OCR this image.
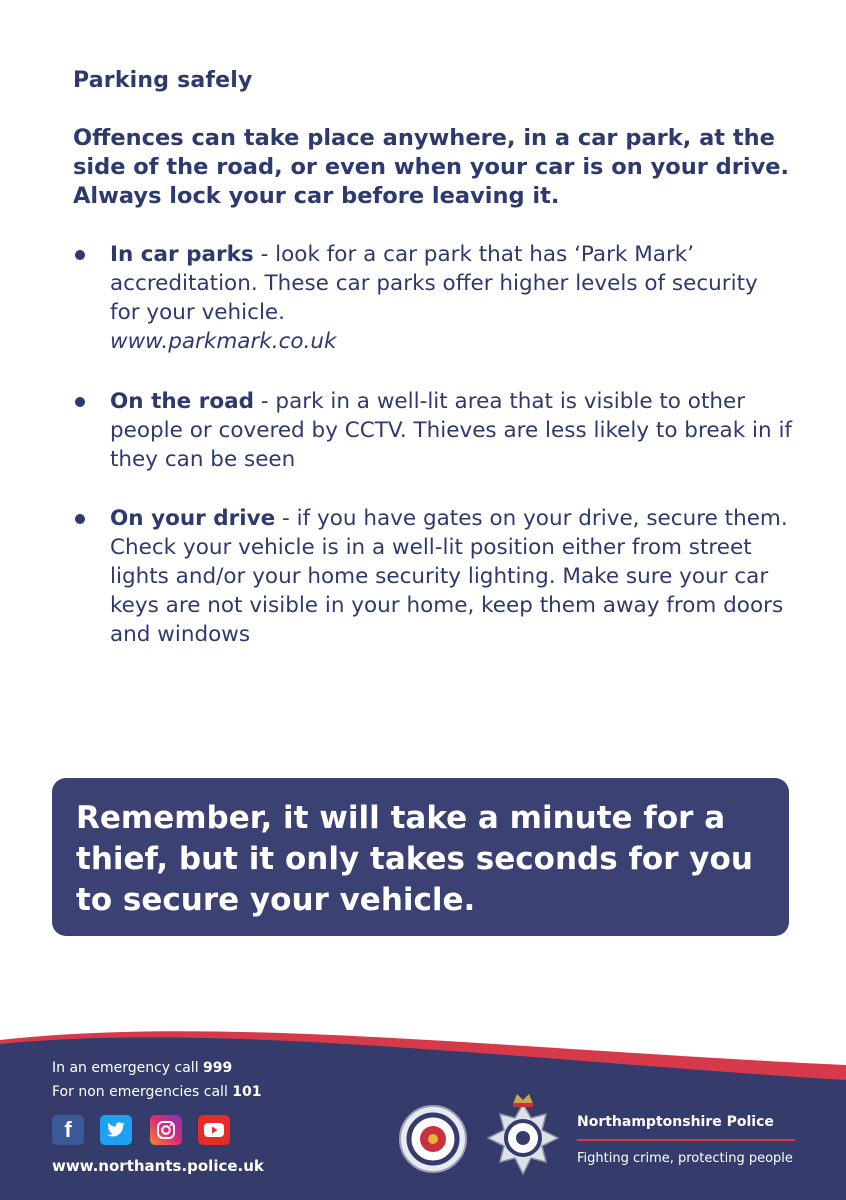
Parking safely
Offences can take place anywhere, in a car park, at the side of the road, or even when your car is on your drive. Always lock your car before leaving it.
In car parks - look for a car park that has ‘Park Mark’ accreditation. These car parks offer higher levels of security for your vehicle.
www.parkmark.co.uk
On the road - park in a well-lit area that is visible to other people or covered by CCTV. Thieves are less likely to break in if they can be seen
On your drive - if you have gates on your drive, secure them. Check your vehicle is in a well-lit position either from street lights and/or your home security lighting. Make sure your car keys are not visible in your home, keep them away from doors and windows
Remember, it will take a minute for a thief, but it only takes seconds for you to secure your vehicle.
In an emergency call 999
For non emergencies call 101
f
www.northants.police.uk
Northamptonshire Police
Fighting crime, protecting people
